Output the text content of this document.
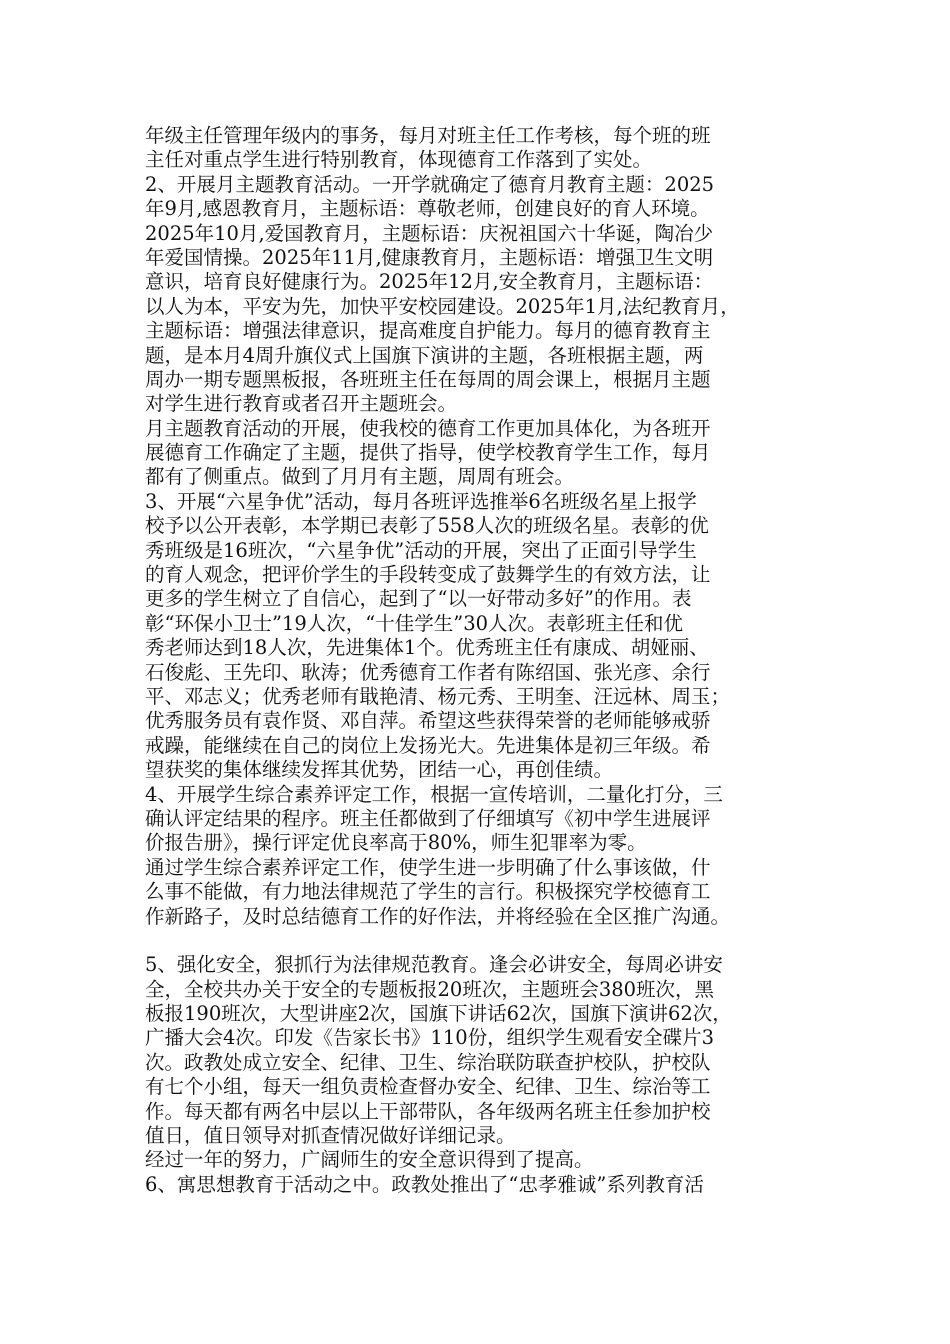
年级主任管理年级内的事务，每月对班主任工作考核，每个班的班
主任对重点学生进行特别教育，体现德育工作落到了实处。
2、开展月主题教育活动。一开学就确定了德育月教育主题：2025
年9月,感恩教育月，主题标语：尊敬老师，创建良好的育人环境。
2025年10月,爱国教育月，主题标语：庆祝祖国六十华诞，陶冶少
年爱国情操。2025年11月,健康教育月，主题标语：增强卫生文明
意识，培育良好健康行为。2025年12月,安全教育月，主题标语：
以人为本，平安为先，加快平安校园建设。2025年1月,法纪教育月，
主题标语：增强法律意识，提高难度自护能力。每月的德育教育主
题，是本月4周升旗仪式上国旗下演讲的主题，各班根据主题，两
周办一期专题黑板报，各班班主任在每周的周会课上，根据月主题
对学生进行教育或者召开主题班会。
月主题教育活动的开展，使我校的德育工作更加具体化，为各班开
展德育工作确定了主题，提供了指导，使学校教育学生工作，每月
都有了侧重点。做到了月月有主题，周周有班会。
3、开展“六星争优”活动，每月各班评选推举6名班级名星上报学
校予以公开表彰，本学期已表彰了558人次的班级名星。表彰的优
秀班级是16班次，“六星争优”活动的开展，突出了正面引导学生
的育人观念，把评价学生的手段转变成了鼓舞学生的有效方法，让
更多的学生树立了自信心，起到了“以一好带动多好”的作用。表
彰“环保小卫士”19人次，“十佳学生”30人次。表彰班主任和优
秀老师达到18人次，先进集体1个。优秀班主任有康成、胡娅丽、
石俊彪、王先印、耿涛；优秀德育工作者有陈绍国、张光彦、余行
平、邓志义；优秀老师有戢艳清、杨元秀、王明奎、汪远林、周玉；
优秀服务员有袁作贤、邓自萍。希望这些获得荣誉的老师能够戒骄
戒躁，能继续在自己的岗位上发扬光大。先进集体是初三年级。希
望获奖的集体继续发挥其优势，团结一心，再创佳绩。
4、开展学生综合素养评定工作，根据一宣传培训，二量化打分，三
确认评定结果的程序。班主任都做到了仔细填写《初中学生进展评
价报告册》，操行评定优良率高于80%，师生犯罪率为零。
通过学生综合素养评定工作，使学生进一步明确了什么事该做，什
么事不能做，有力地法律规范了学生的言行。积极探究学校德育工
作新路子，及时总结德育工作的好作法，并将经验在全区推广沟通。
5、强化安全，狠抓行为法律规范教育。逢会必讲安全，每周必讲安
全，全校共办关于安全的专题板报20班次，主题班会380班次，黑
板报190班次，大型讲座2次，国旗下讲话62次，国旗下演讲62次，
广播大会4次。印发《告家长书》110份，组织学生观看安全碟片3
次。政教处成立安全、纪律、卫生、综治联防联查护校队，护校队
有七个小组，每天一组负责检查督办安全、纪律、卫生、综治等工
作。每天都有两名中层以上干部带队，各年级两名班主任参加护校
值日，值日领导对抓查情况做好详细记录。
经过一年的努力，广阔师生的安全意识得到了提高。
6、寓思想教育于活动之中。政教处推出了“忠孝雅诚”系列教育活
